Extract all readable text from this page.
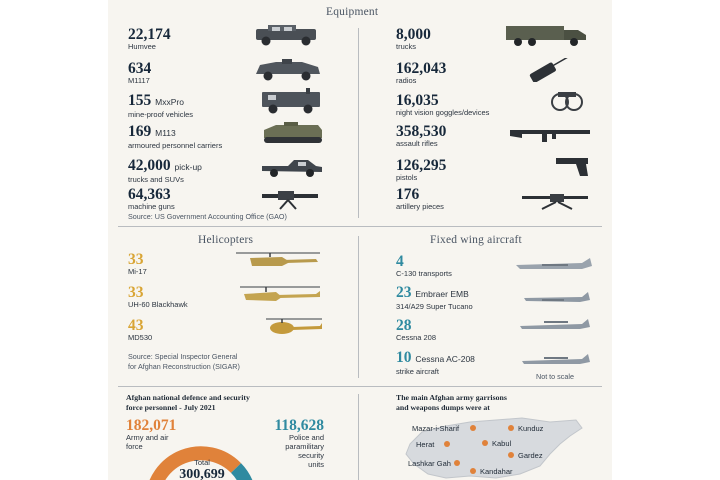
Equipment
22,174
Humvee
634
M1117
155 MxxPro
mine-proof vehicles
169 M113
armoured personnel carriers
42,000 pick-up
trucks and SUVs
64,363
machine guns
Source: US Government Accounting Office (GAO)
8,000
trucks
162,043
radios
16,035
night vision goggles/devices
358,530
assault rifles
126,295
pistols
176
artillery pieces
Helicopters
33
Mi-17
33
UH-60 Blackhawk
43
MD530
Source: Special Inspector General
for Afghan Reconstruction (SIGAR)
Fixed wing aircraft
4
C-130 transports
23 Embraer EMB
314/A29 Super Tucano
28
Cessna 208
10 Cessna AC-208
strike aircraft
Not to scale
Afghan national defence and security
force personnel - July 2021
182,071
Army and air
force
118,628
Police and
paramilitary
security
units
Total
300,699
The main Afghan army garrisons
and weapons dumps were at
Mazar-i-Sharif	Kunduz
Herat	Kabul
Gardez
Lashkar Gah
Kandahar
